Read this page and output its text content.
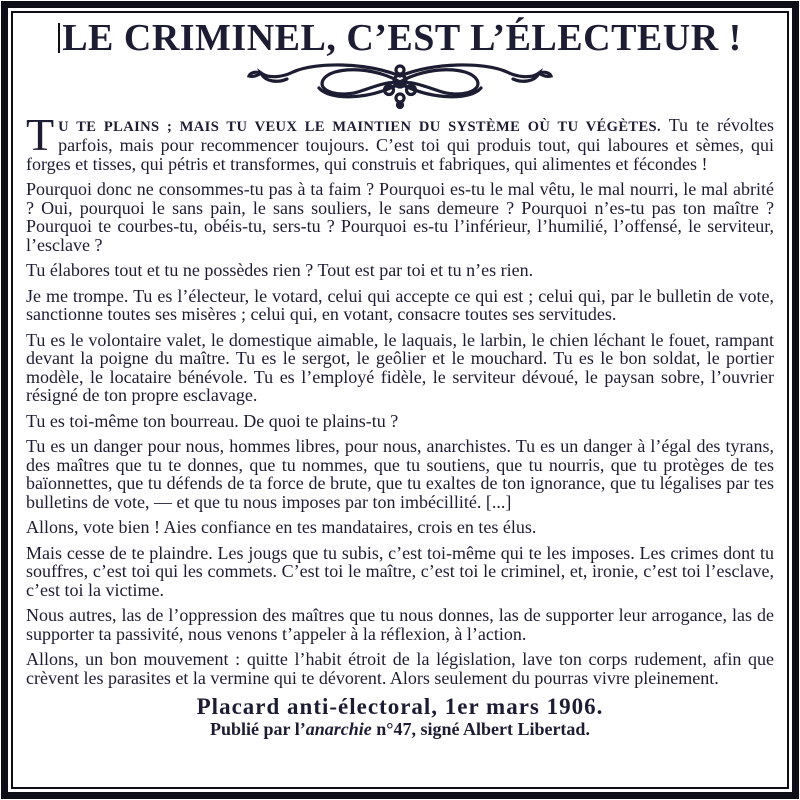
LE CRIMINEL, C’EST L’ÉLECTEUR !

T U TE PLAINS ; MAIS TU VEUX LE MAINTIEN DU SYSTÈME OÙ TU VÉGÈTES. Tu te révoltes parfois, mais pour recommencer toujours. C’est toi qui produis tout, qui laboures et sèmes, qui forges et tisses, qui pétris et transformes, qui construis et fabriques, qui alimentes et fécondes !

Pourquoi donc ne consommes-tu pas à ta faim ? Pourquoi es-tu le mal vêtu, le mal nourri, le mal abrité ? Oui, pourquoi le sans pain, le sans souliers, le sans demeure ? Pourquoi n’es-tu pas ton maître ? Pourquoi te courbes-tu, obéis-tu, sers-tu ? Pourquoi es-tu l’inférieur, l’humilié, l’offensé, le serviteur, l’esclave ?

Tu élabores tout et tu ne possèdes rien ? Tout est par toi et tu n’es rien.

Je me trompe. Tu es l’électeur, le votard, celui qui accepte ce qui est ; celui qui, par le bulletin de vote, sanctionne toutes ses misères ; celui qui, en votant, consacre toutes ses servitudes.

Tu es le volontaire valet, le domestique aimable, le laquais, le larbin, le chien léchant le fouet, rampant devant la poigne du maître. Tu es le sergot, le geôlier et le mouchard. Tu es le bon soldat, le portier modèle, le locataire bénévole. Tu es l’employé fidèle, le serviteur dévoué, le paysan sobre, l’ouvrier résigné de ton propre esclavage.

Tu es toi-même ton bourreau. De quoi te plains-tu ?

Tu es un danger pour nous, hommes libres, pour nous, anarchistes. Tu es un danger à l’égal des tyrans, des maîtres que tu te donnes, que tu nommes, que tu soutiens, que tu nourris, que tu protèges de tes baïonnettes, que tu défends de ta force de brute, que tu exaltes de ton ignorance, que tu légalises par tes bulletins de vote, — et que tu nous imposes par ton imbécillité. [...]

Allons, vote bien ! Aies confiance en tes mandataires, crois en tes élus.

Mais cesse de te plaindre. Les jougs que tu subis, c’est toi-même qui te les imposes. Les crimes dont tu souffres, c’est toi qui les commets. C’est toi le maître, c’est toi le criminel, et, ironie, c’est toi l’esclave, c’est toi la victime.

Nous autres, las de l’oppression des maîtres que tu nous donnes, las de supporter leur arrogance, las de supporter ta passivité, nous venons t’appeler à la réflexion, à l’action.

Allons, un bon mouvement : quitte l’habit étroit de la législation, lave ton corps rudement, afin que crèvent les parasites et la vermine qui te dévorent. Alors seulement du pourras vivre pleinement.

Placard anti-électoral, 1er mars 1906.
Publié par l’anarchie n°47, signé Albert Libertad.
